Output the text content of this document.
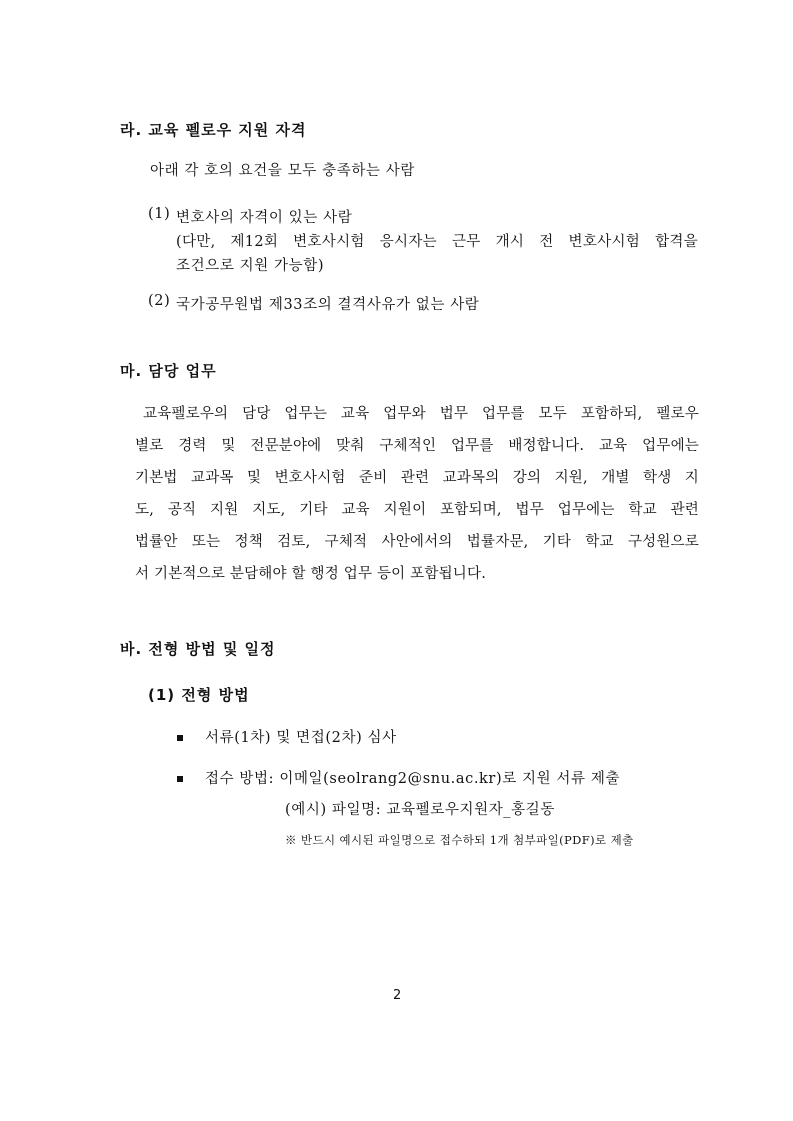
라. 교육 펠로우 지원 자격
아래 각 호의 요건을 모두 충족하는 사람
(1) 변호사의 자격이 있는 사람
(다만, 제12회 변호사시험 응시자는 근무 개시 전 변호사시험 합격을
조건으로 지원 가능함)
(2) 국가공무원법 제33조의 결격사유가 없는 사람
마. 담당 업무
교육펠로우의 담당 업무는 교육 업무와 법무 업무를 모두 포함하되, 펠로우
별로 경력 및 전문분야에 맞춰 구체적인 업무를 배정합니다. 교육 업무에는
기본법 교과목 및 변호사시험 준비 관련 교과목의 강의 지원, 개별 학생 지
도, 공직 지원 지도, 기타 교육 지원이 포함되며, 법무 업무에는 학교 관련
법률안 또는 정책 검토, 구체적 사안에서의 법률자문, 기타 학교 구성원으로
서 기본적으로 분담해야 할 행정 업무 등이 포함됩니다.
바. 전형 방법 및 일정
(1) 전형 방법
서류(1차) 및 면접(2차) 심사
접수 방법: 이메일(seolrang2@snu.ac.kr)로 지원 서류 제출
(예시) 파일명: 교육펠로우지원자_홍길동
※ 반드시 예시된 파일명으로 접수하되 1개 첨부파일(PDF)로 제출
2
